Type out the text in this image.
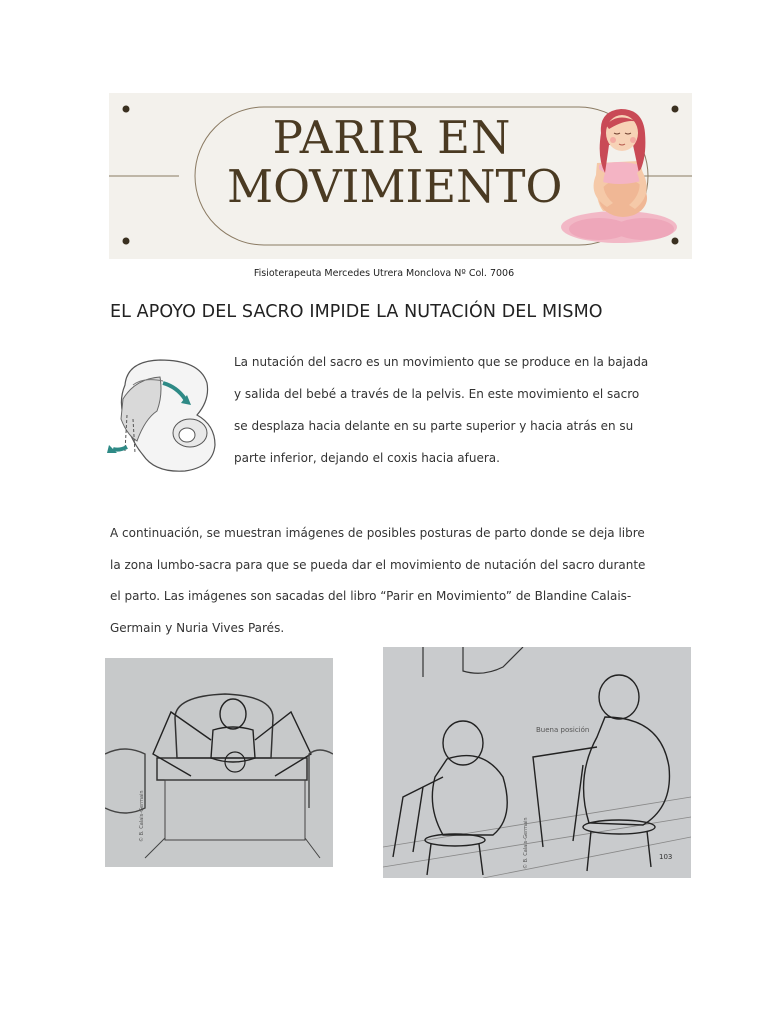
PARIR EN
MOVIMIENTO
Fisioterapeuta Mercedes Utrera Monclova Nº Col. 7006
EL APOYO DEL SACRO IMPIDE LA NUTACIÓN DEL MISMO
La nutación del sacro es un movimiento que se produce en la bajada y salida del bebé a través de la pelvis. En este movimiento el sacro se desplaza hacia delante en su parte superior y hacia atrás en su parte inferior, dejando el coxis hacia afuera.
A continuación, se muestran imágenes de posibles posturas de parto donde se deja libre la zona lumbo-sacra para que se pueda dar el movimiento de nutación del sacro durante el parto. Las imágenes son sacadas del libro “Parir en Movimiento” de Blandine Calais-Germain y Nuria Vives Parés.
© B. Calais-Germain
Buena posición
© B. Calais-Germain	103
